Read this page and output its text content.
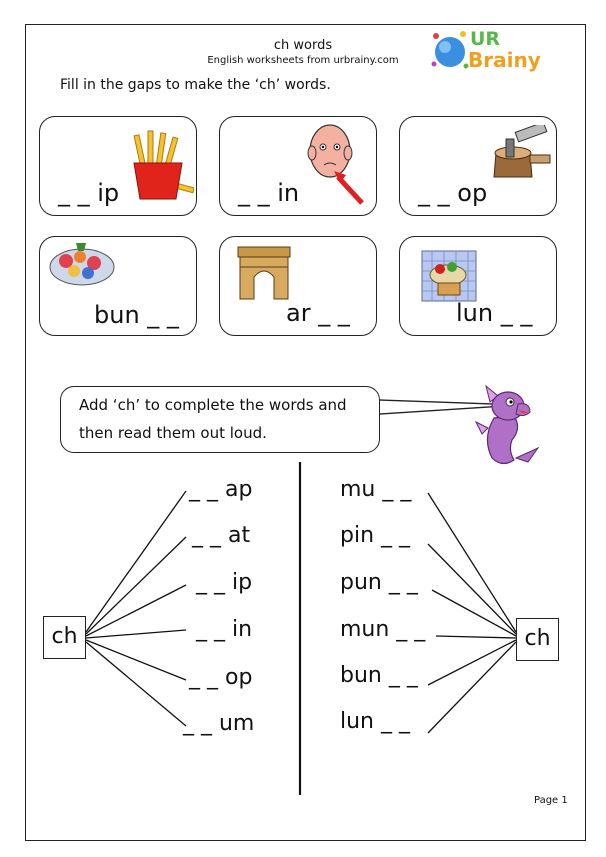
ch words
English worksheets from urbrainy.com
UR
Brainy
Fill in the gaps to make the ‘ch’ words.
_ _ ip	_ _ in	_ _ op
bun _ _	ar _ _	lun _ _
Add ‘ch’ to complete the words and
then read them out loud.
ch	ch
_ _ ap
_ _ at
_ _ ip
_ _ in
_ _ op
_ _ um
mu _ _
pin _ _
pun _ _
mun _ _
bun _ _
lun _ _
Page 1
